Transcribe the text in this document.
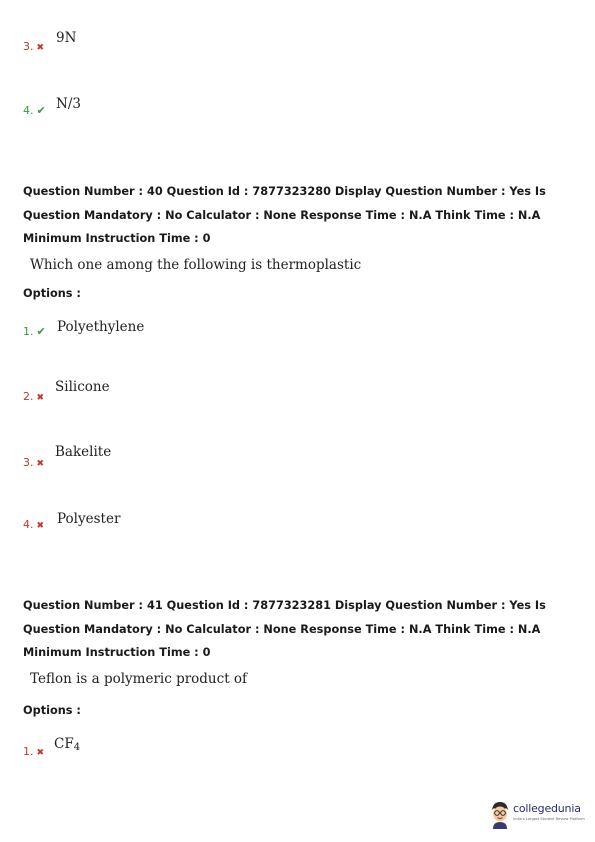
3. ✖
9N
4. ✔ N/3
Question Number : 40 Question Id : 7877323280 Display Question Number : Yes Is Question Mandatory : No Calculator : None Response Time : N.A Think Time : N.A Minimum Instruction Time : 0
Which one among the following is thermoplastic
Options :
1. ✔ Polyethylene
2. ✖
Silicone
3. ✖
Bakelite
4. ✖ Polyester
Question Number : 41 Question Id : 7877323281 Display Question Number : Yes Is Question Mandatory : No Calculator : None Response Time : N.A Think Time : N.A Minimum Instruction Time : 0
Teflon is a polymeric product of
Options :
1. ✖
$CF_4$
collegedunia
India's Largest Student Review Platform
